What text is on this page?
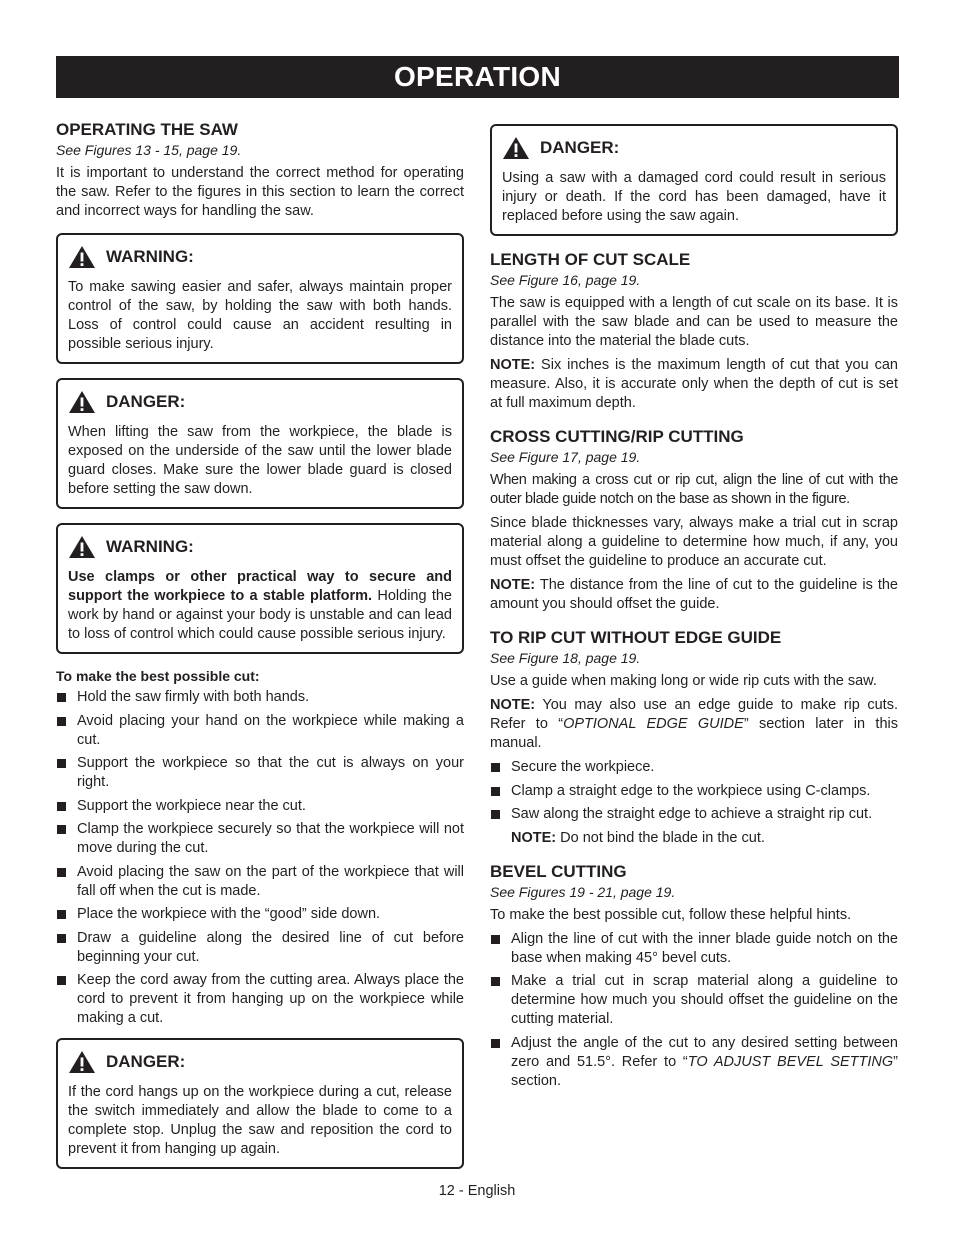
OPERATION
OPERATING THE SAW
See Figures 13 - 15, page 19.

It is important to understand the correct method for operating the saw. Refer to the figures in this section to learn the correct and incorrect ways for handling the saw.

WARNING:

To make sawing easier and safer, always maintain proper control of the saw, by holding the saw with both hands. Loss of control could cause an accident resulting in possible serious injury.

DANGER:

When lifting the saw from the workpiece, the blade is exposed on the underside of the saw until the lower blade guard closes. Make sure the lower blade guard is closed before setting the saw down.

WARNING:

Use clamps or other practical way to secure and support the workpiece to a stable platform. Holding the work by hand or against your body is unstable and can lead to loss of control which could cause possible serious injury.

To make the best possible cut:
Hold the saw firmly with both hands.
Avoid placing your hand on the workpiece while making a cut.
Support the workpiece so that the cut is always on your right.
Support the workpiece near the cut.
Clamp the workpiece securely so that the workpiece will not move during the cut.
Avoid placing the saw on the part of the workpiece that will fall off when the cut is made.
Place the workpiece with the “good” side down.
Draw a guideline along the desired line of cut before beginning your cut.
Keep the cord away from the cutting area. Always place the cord to prevent it from hanging up on the workpiece while making a cut.
DANGER:

If the cord hangs up on the workpiece during a cut, release the switch immediately and allow the blade to come to a complete stop. Unplug the saw and reposition the cord to prevent it from hanging up again.

DANGER:

Using a saw with a damaged cord could result in serious injury or death. If the cord has been damaged, have it replaced before using the saw again.

LENGTH OF CUT SCALE
See Figure 16, page 19.

The saw is equipped with a length of cut scale on its base. It is parallel with the saw blade and can be used to measure the distance into the material the blade cuts.

NOTE: Six inches is the maximum length of cut that you can measure. Also, it is accurate only when the depth of cut is set at full maximum depth.

CROSS CUTTING/RIP CUTTING
See Figure 17, page 19.

When making a cross cut or rip cut, align the line of cut with the outer blade guide notch on the base as shown in the figure.

Since blade thicknesses vary, always make a trial cut in scrap material along a guideline to determine how much, if any, you must offset the guideline to produce an accurate cut.

NOTE: The distance from the line of cut to the guideline is the amount you should offset the guide.

TO RIP CUT WITHOUT EDGE GUIDE
See Figure 18, page 19.

Use a guide when making long or wide rip cuts with the saw.

NOTE: You may also use an edge guide to make rip cuts. Refer to “OPTIONAL EDGE GUIDE” section later in this manual.

Secure the workpiece.
Clamp a straight edge to the workpiece using C-clamps.
Saw along the straight edge to achieve a straight rip cut.
NOTE: Do not bind the blade in the cut.
BEVEL CUTTING
See Figures 19 - 21, page 19.

To make the best possible cut, follow these helpful hints.

Align the line of cut with the inner blade guide notch on the base when making 45° bevel cuts.
Make a trial cut in scrap material along a guideline to determine how much you should offset the guideline on the cutting material.
Adjust the angle of the cut to any desired setting between zero and 51.5°. Refer to “TO ADJUST BEVEL SETTING” section.
12 - English
